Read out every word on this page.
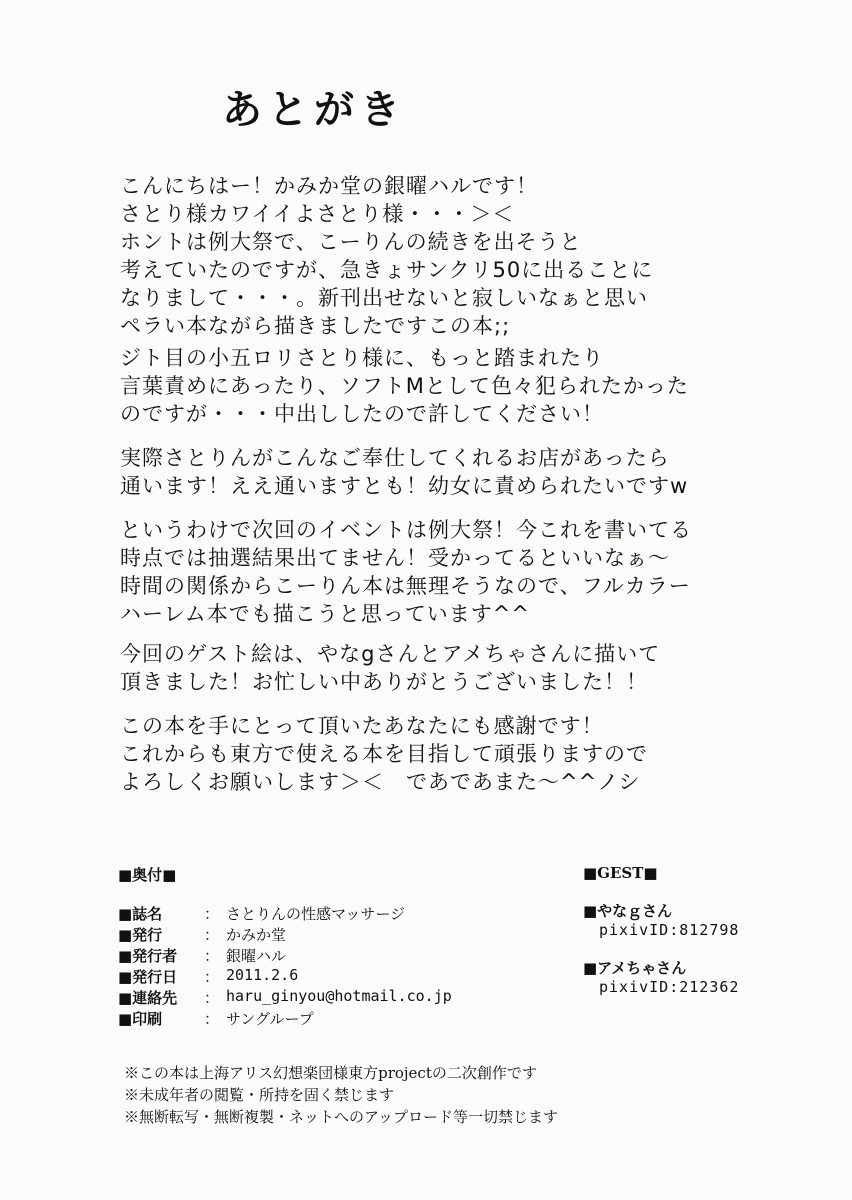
あとがき
こんにちはー！かみか堂の銀曜ハルです！
さとり様カワイイよさとり様・・・＞＜
ホントは例大祭で、こーりんの続きを出そうと
考えていたのですが、急きょサンクリ50に出ることに
なりまして・・・。新刊出せないと寂しいなぁと思い
ペラい本ながら描きましたですこの本;;
ジト目の小五ロリさとり様に、もっと踏まれたり
言葉責めにあったり、ソフトMとして色々犯られたかった
のですが・・・中出ししたので許してください！
実際さとりんがこんなご奉仕してくれるお店があったら
通います！ええ通いますとも！幼女に責められたいですw
というわけで次回のイベントは例大祭！今これを書いてる
時点では抽選結果出てません！受かってるといいなぁ〜
時間の関係からこーりん本は無理そうなので、フルカラー
ハーレム本でも描こうと思っています^^
今回のゲスト絵は、やなgさんとアメちゃさんに描いて
頂きました！お忙しい中ありがとうございました！！
この本を手にとって頂いたあなたにも感謝です！
これからも東方で使える本を目指して頑張りますので
よろしくお願いします＞＜　であであまた〜^^ノシ
■奥付■
■誌名	：	さとりんの性感マッサージ
■発行	：	かみか堂
■発行者	：	銀曜ハル
■発行日	：	2011.2.6
■連絡先	：	haru_ginyou@hotmail.co.jp
■印刷	：	サングループ
■GEST■
■やなｇさん
pixivID:812798
■アメちゃさん
pixivID:212362
※この本は上海アリス幻想楽団様東方projectの二次創作です
※未成年者の閲覧・所持を固く禁じます
※無断転写・無断複製・ネットへのアップロード等一切禁じます
